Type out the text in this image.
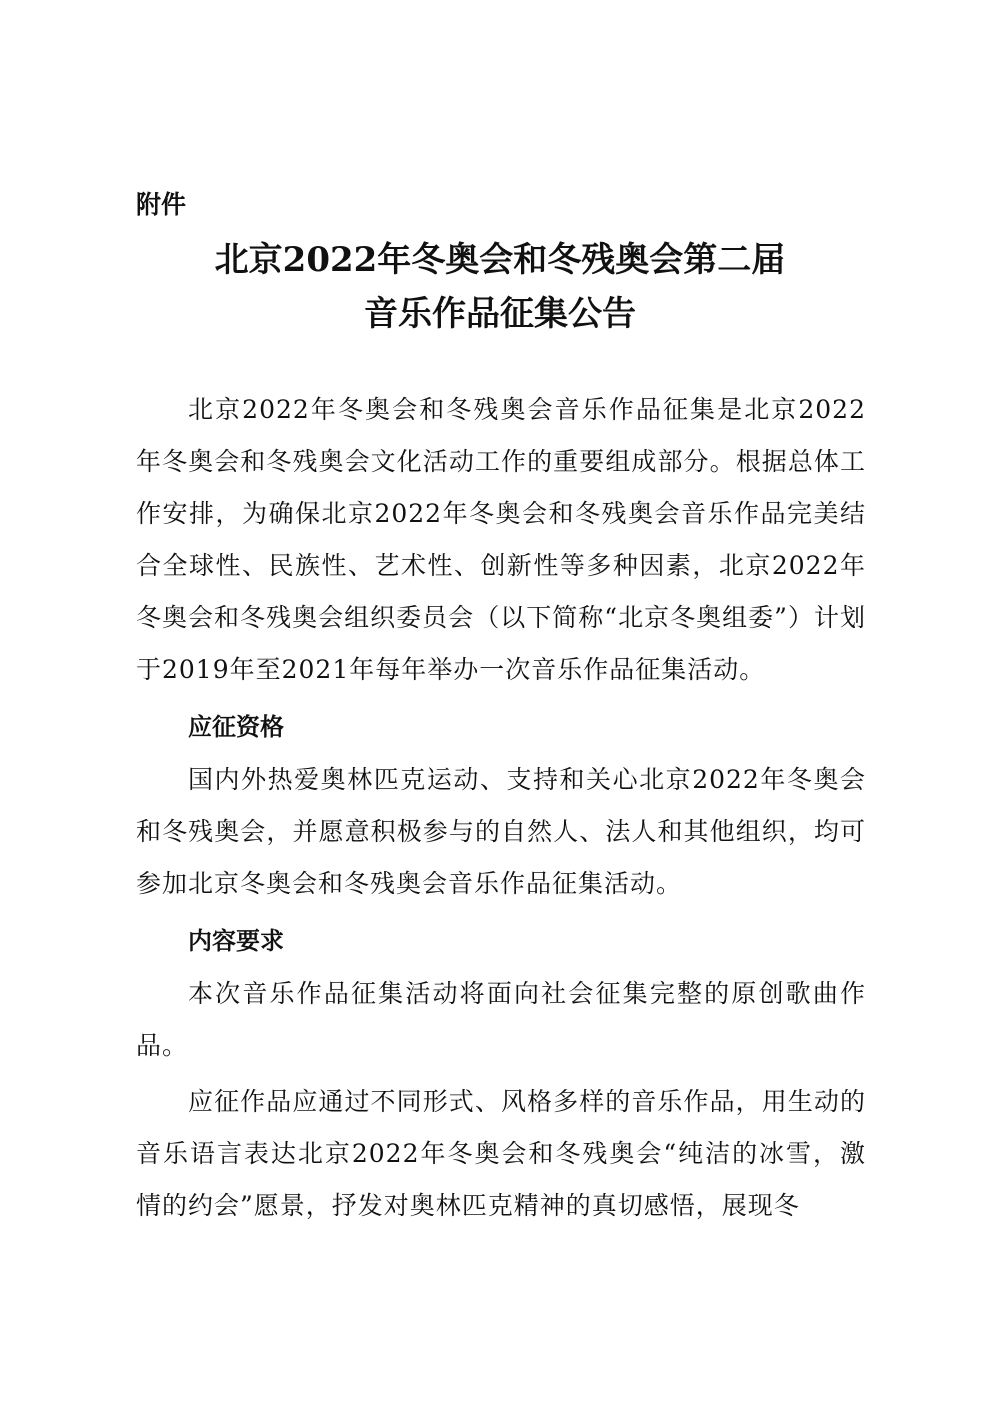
附件

北京2022年冬奥会和冬残奥会第二届
音乐作品征集公告

北京2022年冬奥会和冬残奥会音乐作品征集是北京2022年冬奥会和冬残奥会文化活动工作的重要组成部分。根据总体工作安排，为确保北京2022年冬奥会和冬残奥会音乐作品完美结合全球性、民族性、艺术性、创新性等多种因素，北京2022年冬奥会和冬残奥会组织委员会（以下简称“北京冬奥组委”）计划于2019年至2021年每年举办一次音乐作品征集活动。

应征资格

国内外热爱奥林匹克运动、支持和关心北京2022年冬奥会和冬残奥会，并愿意积极参与的自然人、法人和其他组织，均可参加北京冬奥会和冬残奥会音乐作品征集活动。

内容要求

本次音乐作品征集活动将面向社会征集完整的原创歌曲作品。

应征作品应通过不同形式、风格多样的音乐作品，用生动的音乐语言表达北京2022年冬奥会和冬残奥会“纯洁的冰雪，激情的约会”愿景，抒发对奥林匹克精神的真切感悟，展现冬
